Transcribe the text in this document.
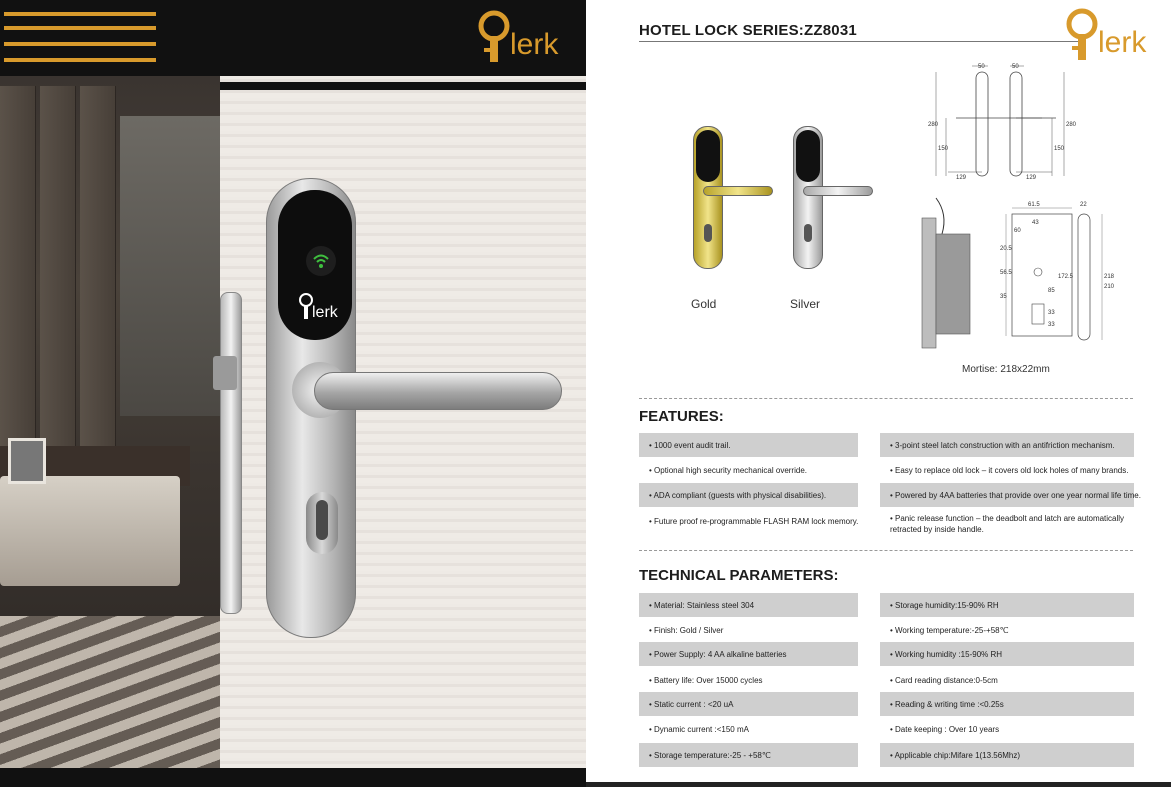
lerk
lerk
HOTEL LOCK SERIES:ZZ8031	lerk
Gold	Silver
50	50
280
150
129	129
150
280
61.5
43
20.5
56.5
35
33
33
172.5
85
218
210
22
60
Mortise: 218x22mm
FEATURES:
• 1000 event audit trail.	• 3-point steel latch construction with an antifriction mechanism.
• Optional high security mechanical override.	• Easy to replace old lock – it covers old lock holes of many brands.
• ADA compliant (guests with physical disabilities).	• Powered by 4AA batteries that provide over one year normal life time.
• Future proof re-programmable FLASH RAM lock memory.	• Panic release function – the deadbolt and latch are automatically retracted by inside handle.
TECHNICAL PARAMETERS:
• Material: Stainless steel 304	• Storage humidity:15-90% RH
• Finish: Gold / Silver	• Working temperature:-25-+58℃
• Power Supply: 4 AA alkaline batteries	• Working humidity :15-90% RH
• Battery life: Over 15000 cycles	• Card reading distance:0-5cm
• Static current : <20 uA	• Reading & writing time :<0.25s
• Dynamic current :<150 mA	• Date keeping : Over 10 years
• Storage temperature:-25 - +58℃	• Applicable chip:Mifare 1(13.56Mhz)
